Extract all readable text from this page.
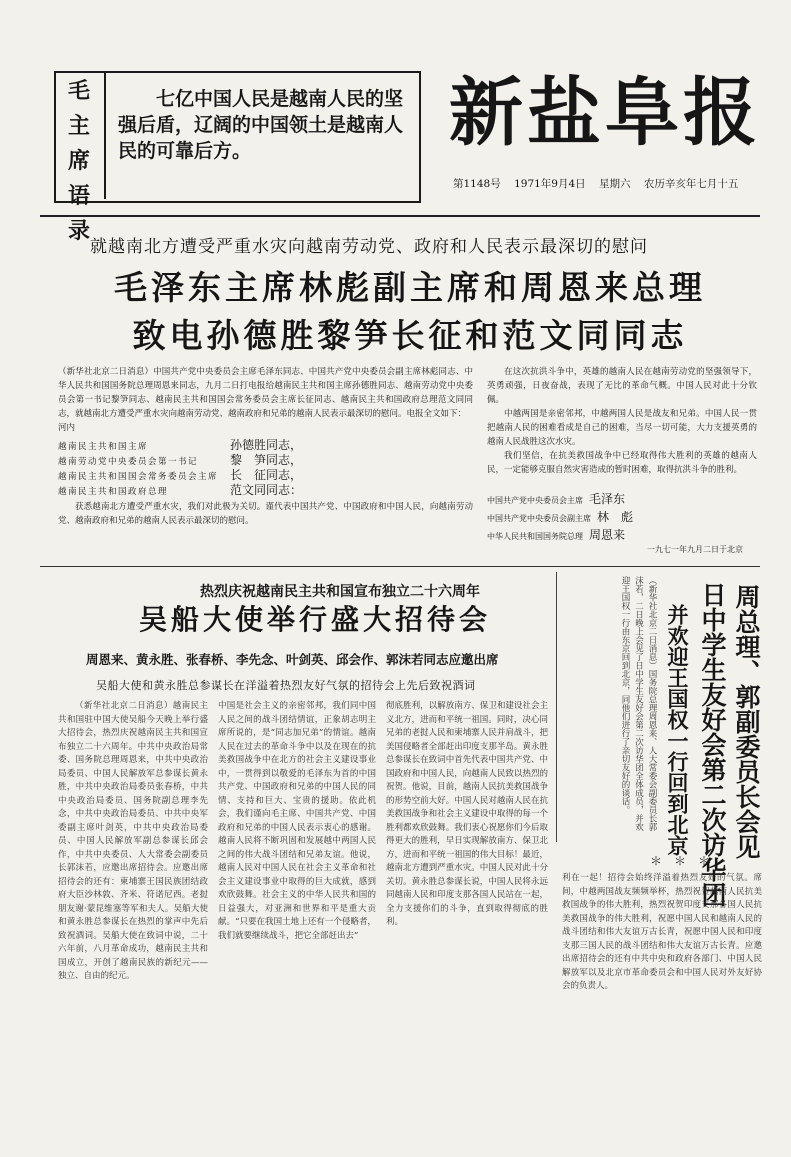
毛
主
席
语
录
七亿中国人民是越南人民的坚强后盾，辽阔的中国领土是越南人民的可靠后方。	新盐阜报
第1148号 1971年9月4日 星期六 农历辛亥年七月十五
就越南北方遭受严重水灾向越南劳动党、政府和人民表示最深切的慰问
毛泽东主席林彪副主席和周恩来总理
致电孙德胜黎笋长征和范文同同志
（新华社北京二日消息）中国共产党中央委员会主席毛泽东同志、中国共产党中央委员会副主席林彪同志、中华人民共和国国务院总理周恩来同志，九月二日打电报给越南民主共和国主席孙德胜同志、越南劳动党中央委员会第一书记黎笋同志、越南民主共和国国会常务委员会主席长征同志、越南民主共和国政府总理范文同同志，就越南北方遭受严重水灾向越南劳动党、越南政府和兄弟的越南人民表示最深切的慰问。电报全文如下：
河内
越南民主共和国主席	孙德胜同志，
越南劳动党中央委员会第一书记	黎　笋同志，
越南民主共和国国会常务委员会主席 长　征同志，
越南民主共和国政府总理	范文同同志：
获悉越南北方遭受严重水灾，我们对此极为关切。谨代表中国共产党、中国政府和中国人民，向越南劳动党、越南政府和兄弟的越南人民表示最深切的慰问。
在这次抗洪斗争中，英雄的越南人民在越南劳动党的坚强领导下，英勇顽强，日夜奋战，表现了无比的革命气概。中国人民对此十分钦佩。
中越两国是亲密邻邦，中越两国人民是战友和兄弟。中国人民一贯把越南人民的困难看成是自己的困难，当尽一切可能，大力支援英勇的越南人民战胜这次水灾。
我们坚信，在抗美救国战争中已经取得伟大胜利的英雄的越南人民，一定能够克服自然灾害造成的暂时困难，取得抗洪斗争的胜利。
中国共产党中央委员会主席 毛泽东
中国共产党中央委员会副主席 林　彪
中华人民共和国国务院总理 周恩来
一九七一年九月二日于北京
热烈庆祝越南民主共和国宣布独立二十六周年
吴船大使举行盛大招待会
周恩来、黄永胜、张春桥、李先念、叶剑英、邱会作、郭沫若同志应邀出席
吴船大使和黄永胜总参谋长在洋溢着热烈友好气氛的招待会上先后致祝酒词
（新华社北京二日消息）越南民主共和国驻中国大使吴船今天晚上举行盛大招待会，热烈庆祝越南民主共和国宣布独立二十六周年。中共中央政治局常委、国务院总理周恩来，中共中央政治局委员、中国人民解放军总参谋长黄永胜，中共中央政治局委员张春桥，中共中央政治局委员、国务院副总理李先念，中共中央政治局委员、中共中央军委副主席叶剑英，中共中央政治局委员、中国人民解放军副总参谋长邱会作，中共中央委员、人大常委会副委员长郭沫若，应邀出席招待会。应邀出席招待会的还有：柬埔寨王国民族团结政府大臣沙林敦、齐米、符诺尼西。老挝朋友谢·蒙昆维塞等军和夫人。吴船大使和黄永胜总参谋长在热烈的掌声中先后致祝酒词。吴船大使在致词中说，二十六年前，八月革命成功，越南民主共和国成立，开创了越南民族的新纪元——独立、自由的纪元。
中国是社会主义的亲密邻邦，我们同中国人民之间的战斗团结情谊，正象胡志明主席所说的，是“同志加兄弟”的情谊。越南人民在过去的革命斗争中以及在现在的抗美救国战争中在北方的社会主义建设事业中，一贯得到以敬爱的毛泽东为首的中国共产党、中国政府和兄弟的中国人民的同情、支持和巨大、宝贵的援助。依此机会，我们谨向毛主席、中国共产党、中国政府和兄弟的中国人民表示衷心的感谢。越南人民将不断巩固和发展越中两国人民之间的伟大战斗团结和兄弟友谊。他说，越南人民对中国人民在社会主义革命和社会主义建设事业中取得的巨大成就，感到欢欣鼓舞。社会主义的中华人民共和国的日益强大，对亚洲和世界和平是重大贡献。“只要在我国土地上还有一个侵略者，我们就要继续战斗，把它全部赶出去”
彻底胜利，以解放南方、保卫和建设社会主义北方，进而和平统一祖国。同时，决心同兄弟的老挝人民和柬埔寨人民并肩战斗，把美国侵略者全部赶出印度支那半岛。黄永胜总参谋长在致词中首先代表中国共产党、中国政府和中国人民，向越南人民致以热烈的祝贺。他说，目前，越南人民抗美救国战争的形势空前大好。中国人民对越南人民在抗美救国战争和社会主义建设中取得的每一个胜利都欢欣鼓舞。我们衷心祝愿你们今后取得更大的胜利，早日实现解放南方、保卫北方，进而和平统一祖国的伟大目标！最近，越南北方遭到严重水灾。中国人民对此十分关切。黄永胜总参谋长说，中国人民将永远同越南人民和印度支那各国人民站在一起，全力支援你们的斗争，直到取得彻底的胜利。
周总理、郭副委员长会见
日中学生友好会第二次访华团
并欢迎王国权一行回到北京
（新华社北京二日消息）国务院总理周恩来、人大常委会副委员长郭沫若，二日晚上会见了日中学生友好会第二次访华团全体成员，并欢迎王国权一行由东京回到北京，同他们进行了亲切友好的谈话。
＊　＊　＊
利在一起！招待会始终洋溢着热烈友好的气氛。席间，中越两国战友频频举杯，热烈祝贺越南人民抗美救国战争的伟大胜利，热烈祝贺印度支那各国人民抗美救国战争的伟大胜利，祝愿中国人民和越南人民的战斗团结和伟大友谊万古长青，祝愿中国人民和印度支那三国人民的战斗团结和伟大友谊万古长青。应邀出席招待会的还有中共中央和政府各部门、中国人民解放军以及北京市革命委员会和中国人民对外友好协会的负责人。
